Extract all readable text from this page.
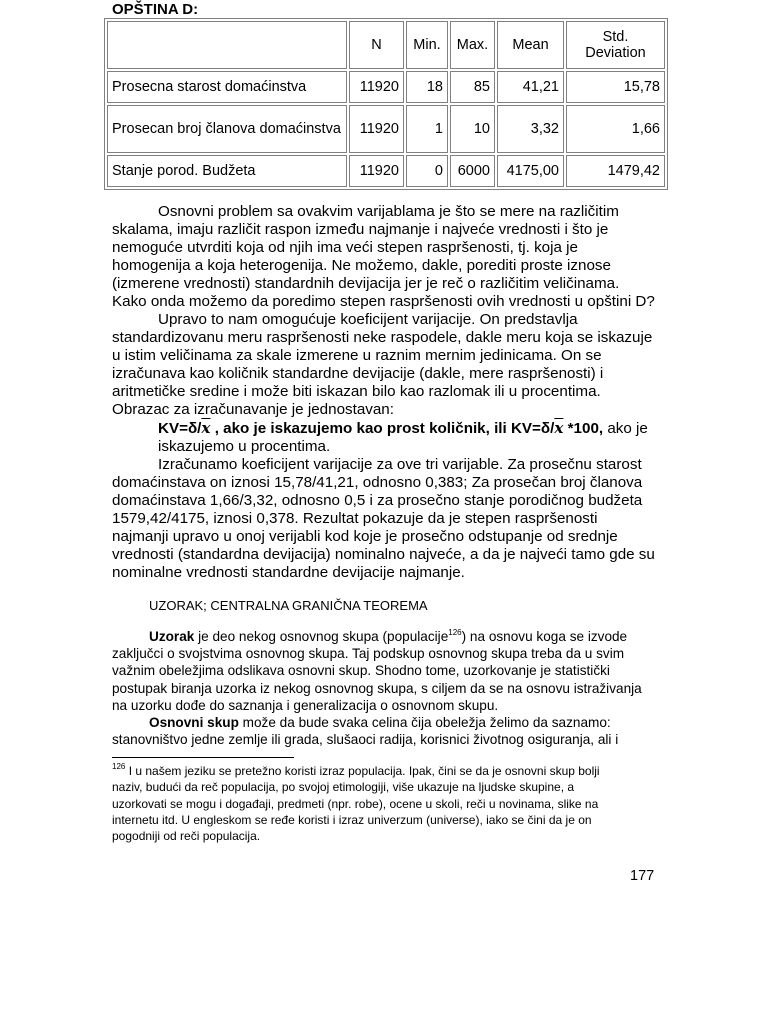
OPŠTINA D:
	N	Min.	Max.	Mean	Std. Deviation
Prosecna starost domaćinstva	11920	18	85	41,21	15,78
Prosecan broj članova domaćinstva	11920	1	10	3,32	1,66
Stanje porod. Budžeta	11920	0	6000	4175,00	1479,42

Osnovni problem sa ovakvim varijablama je što se mere na različitim skalama, imaju različit raspon između najmanje i najveće vrednosti i što je nemoguće utvrditi koja od njih ima veći stepen raspršenosti, tj. koja je homogenija a koja heterogenija. Ne možemo, dakle, porediti proste iznose (izmerene vrednosti) standardnih devijacija jer je reč o različitim veličinama. Kako onda možemo da poredimo stepen raspršenosti ovih vrednosti u opštini D?

Upravo to nam omogućuje koeficijent varijacije. On predstavlja standardizovanu meru raspršenosti neke raspodele, dakle meru koja se iskazuje u istim veličinama za skale izmerene u raznim mernim jedinicama. On se izračunava kao količnik standardne devijacije (dakle, mere raspršenosti) i aritmetičke sredine i može biti iskazan bilo kao razlomak ili u procentima. Obrazac za izračunavanje je jednostavan:

$KV=\delta/\overline{x}$ , ako je iskazujemo kao prost količnik, ili $KV=\delta/\overline{x}$ *100, ako je iskazujemo u procentima.

Izračunamo koeficijent varijacije za ove tri varijable. Za prosečnu starost domaćinstava on iznosi 15,78/41,21, odnosno 0,383; Za prosečan broj članova domaćinstava 1,66/3,32, odnosno 0,5 i za prosečno stanje porodičnog budžeta 1579,42/4175, iznosi 0,378. Rezultat pokazuje da je stepen raspršenosti najmanji upravo u onoj verijabli kod koje je prosečno odstupanje od srednje vrednosti (standardna devijacija) nominalno najveće, a da je najveći tamo gde su nominalne vrednosti standardne devijacije najmanje.

UZORAK; CENTRALNA GRANIČNA TEOREMA

Uzorak je deo nekog osnovnog skupa (populacije$^{126}$) na osnovu koga se izvode zaključci o svojstvima osnovnog skupa. Taj podskup osnovnog skupa treba da u svim važnim obeležjima odslikava osnovni skup. Shodno tome, uzorkovanje je statistički postupak biranja uzorka iz nekog osnovnog skupa, s ciljem da se na osnovu istraživanja na uzorku dođe do saznanja i generalizacija o osnovnom skupu.

Osnovni skup može da bude svaka celina čija obeležja želimo da saznamo: stanovništvo jedne zemlje ili grada, slušaoci radija, korisnici životnog osiguranja, ali i

$^{126}$ I u našem jeziku se pretežno koristi izraz populacija. Ipak, čini se da je osnovni skup bolji naziv, budući da reč populacija, po svojoj etimologiji, više ukazuje na ljudske skupine, a uzorkovati se mogu i događaji, predmeti (npr. robe), ocene u skoli, reči u novinama, slike na internetu itd. U engleskom se ređe koristi i izraz univerzum (universe), iako se čini da je on pogodniji od reči populacija.

177
